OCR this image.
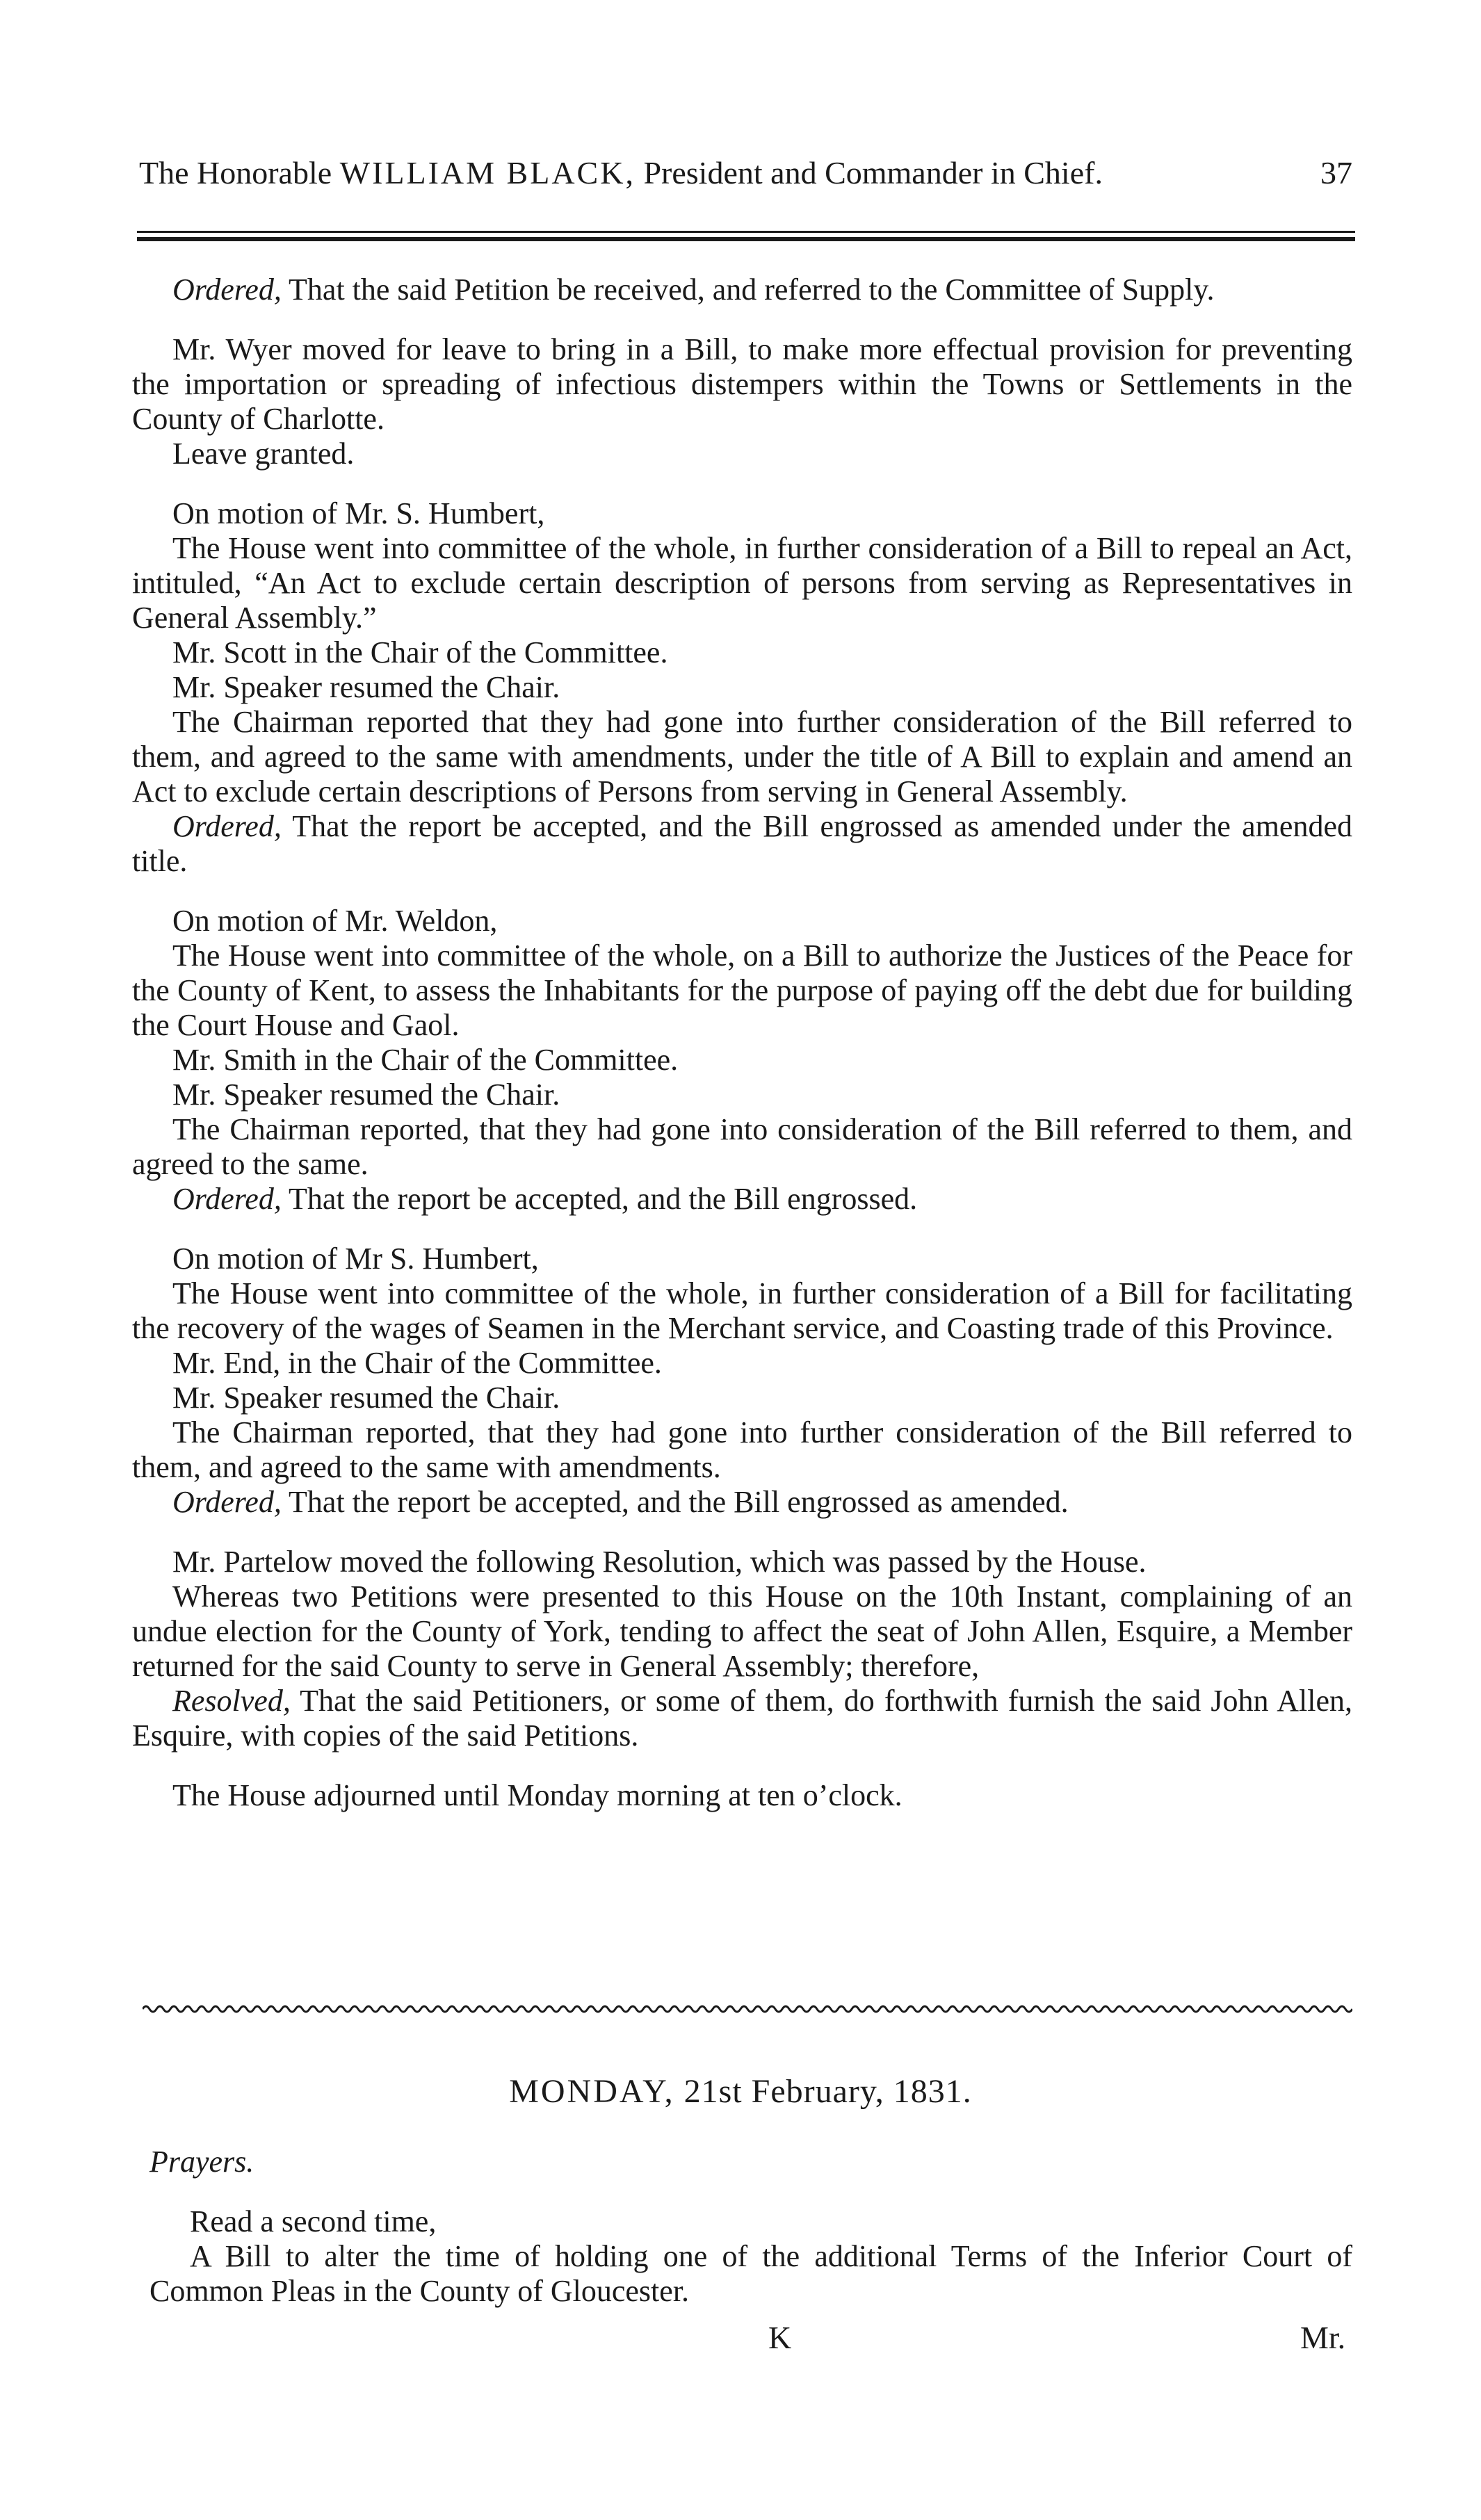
The Honorable WILLIAM BLACK, President and Commander in Chief.	37

Ordered, That the said Petition be received, and referred to the Committee of Supply.

Mr. Wyer moved for leave to bring in a Bill, to make more effectual provision for preventing the importation or spreading of infectious distempers within the Towns or Settlements in the County of Charlotte.

Leave granted.

On motion of Mr. S. Humbert,

The House went into committee of the whole, in further consideration of a Bill to repeal an Act, intituled, “An Act to exclude certain description of persons from serving as Representatives in General Assembly.”

Mr. Scott in the Chair of the Committee.

Mr. Speaker resumed the Chair.

The Chairman reported that they had gone into further consideration of the Bill referred to them, and agreed to the same with amendments, under the title of A Bill to explain and amend an Act to exclude certain descriptions of Persons from serving in General Assembly.

Ordered, That the report be accepted, and the Bill engrossed as amended under the amended title.

On motion of Mr. Weldon,

The House went into committee of the whole, on a Bill to authorize the Justices of the Peace for the County of Kent, to assess the Inhabitants for the purpose of paying off the debt due for building the Court House and Gaol.

Mr. Smith in the Chair of the Committee.

Mr. Speaker resumed the Chair.

The Chairman reported, that they had gone into consideration of the Bill referred to them, and agreed to the same.

Ordered, That the report be accepted, and the Bill engrossed.

On motion of Mr S. Humbert,

The House went into committee of the whole, in further consideration of a Bill for facilitating the recovery of the wages of Seamen in the Merchant service, and Coasting trade of this Province.

Mr. End, in the Chair of the Committee.

Mr. Speaker resumed the Chair.

The Chairman reported, that they had gone into further consideration of the Bill referred to them, and agreed to the same with amendments.

Ordered, That the report be accepted, and the Bill engrossed as amended.

Mr. Partelow moved the following Resolution, which was passed by the House.

Whereas two Petitions were presented to this House on the 10th Instant, complaining of an undue election for the County of York, tending to affect the seat of John Allen, Esquire, a Member returned for the said County to serve in General Assembly; therefore,

Resolved, That the said Petitioners, or some of them, do forthwith furnish the said John Allen, Esquire, with copies of the said Petitions.

The House adjourned until Monday morning at ten o’clock.

MONDAY, 21st February, 1831.

Prayers.

Read a second time,

A Bill to alter the time of holding one of the additional Terms of the Inferior Court of Common Pleas in the County of Gloucester.

K	Mr.
